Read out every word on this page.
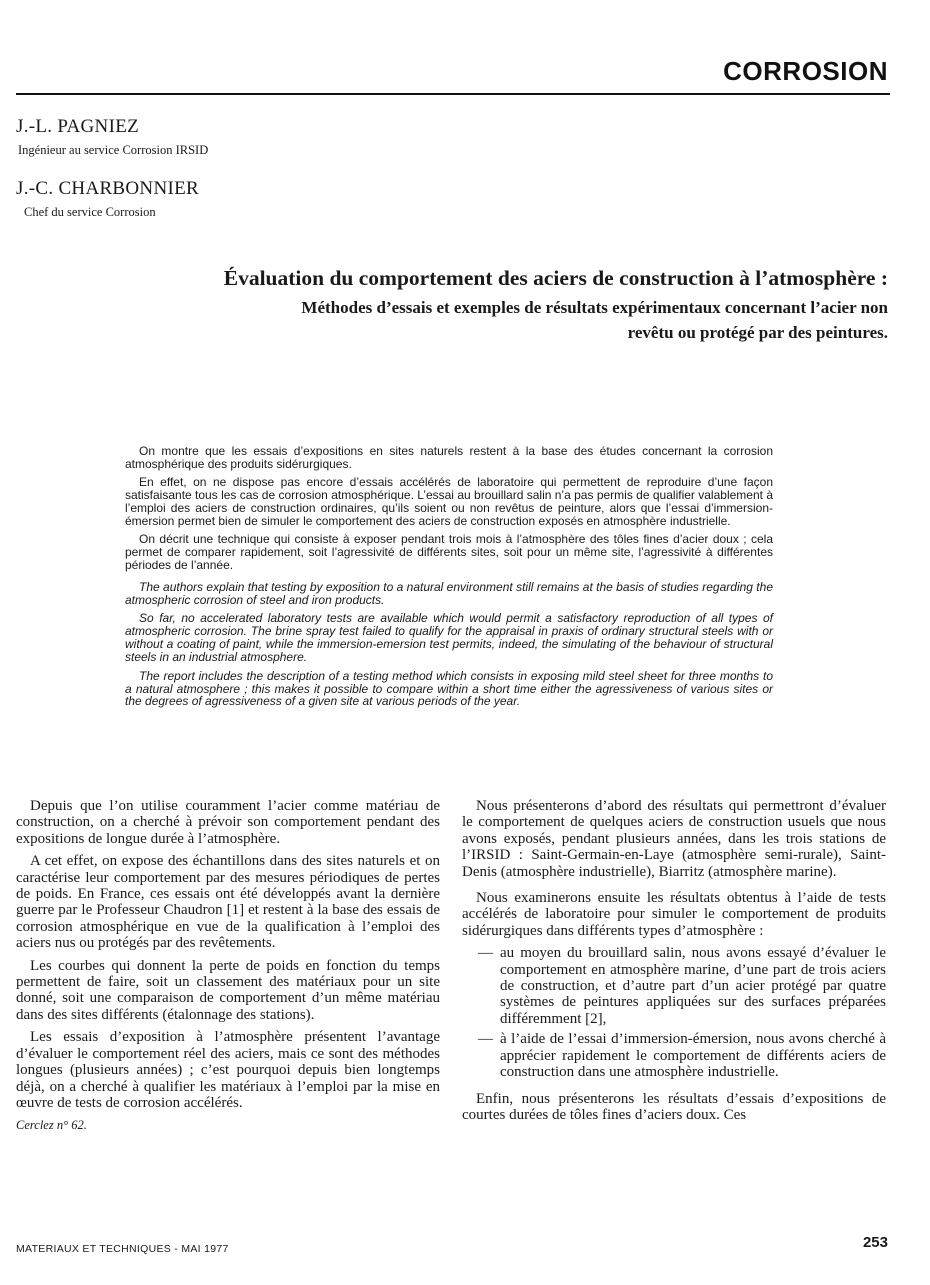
CORROSION
J.-L. PAGNIEZ
Ingénieur au service Corrosion IRSID
J.-C. CHARBONNIER
Chef du service Corrosion
Évaluation du comportement des aciers de construction à l’atmosphère :
Méthodes d’essais et exemples de résultats expérimentaux concernant l’acier non revêtu ou protégé par des peintures.

On montre que les essais d’expositions en sites naturels restent à la base des études concernant la corrosion atmosphérique des produits sidérurgiques.

En effet, on ne dispose pas encore d’essais accélérés de laboratoire qui permettent de reproduire d’une façon satisfaisante tous les cas de corrosion atmosphérique. L’essai au brouillard salin n’a pas permis de qualifier valablement à l’emploi des aciers de construction ordinaires, qu’ils soient ou non revêtus de peinture, alors que l’essai d’immersion-émersion permet bien de simuler le comportement des aciers de construction exposés en atmosphère industrielle.

On décrit une technique qui consiste à exposer pendant trois mois à l’atmosphère des tôles fines d’acier doux ; cela permet de comparer rapidement, soit l’agressivité de différents sites, soit pour un même site, l’agressivité à différentes périodes de l’année.

The authors explain that testing by exposition to a natural environment still remains at the basis of studies regarding the atmospheric corrosion of steel and iron products.

So far, no accelerated laboratory tests are available which would permit a satisfactory reproduction of all types of atmospheric corrosion. The brine spray test failed to qualify for the appraisal in praxis of ordinary structural steels with or without a coating of paint, while the immersion-emersion test permits, indeed, the simulating of the behaviour of structural steels in an industrial atmosphere.

The report includes the description of a testing method which consists in exposing mild steel sheet for three months to a natural atmosphere ; this makes it possible to compare within a short time either the agressiveness of various sites or the degrees of agressiveness of a given site at various periods of the year.

Depuis que l’on utilise couramment l’acier comme matériau de construction, on a cherché à prévoir son comportement pendant des expositions de longue durée à l’atmosphère.

A cet effet, on expose des échantillons dans des sites naturels et on caractérise leur comportement par des mesures périodiques de pertes de poids. En France, ces essais ont été développés avant la dernière guerre par le Professeur Chaudron [1] et restent à la base des essais de corrosion atmosphérique en vue de la qualification à l’emploi des aciers nus ou protégés par des revêtements.

Les courbes qui donnent la perte de poids en fonction du temps permettent de faire, soit un classement des matériaux pour un site donné, soit une comparaison de comportement d’un même matériau dans des sites différents (étalonnage des stations).

Les essais d’exposition à l’atmosphère présentent l’avantage d’évaluer le comportement réel des aciers, mais ce sont des méthodes longues (plusieurs années) ; c’est pourquoi depuis bien longtemps déjà, on a cherché à qualifier les matériaux à l’emploi par la mise en œuvre de tests de corrosion accélérés.

Cerclez n° 62.

Nous présenterons d’abord des résultats qui permettront d’évaluer le comportement de quelques aciers de construction usuels que nous avons exposés, pendant plusieurs années, dans les trois stations de l’IRSID : Saint-Germain-en-Laye (atmosphère semi-rurale), Saint-Denis (atmosphère industrielle), Biarritz (atmosphère marine).

Nous examinerons ensuite les résultats obtentus à l’aide de tests accélérés de laboratoire pour simuler le comportement de produits sidérurgiques dans différents types d’atmosphère :

— au moyen du brouillard salin, nous avons essayé d’évaluer le comportement en atmosphère marine, d’une part de trois aciers de construction, et d’autre part d’un acier protégé par quatre systèmes de peintures appliquées sur des surfaces préparées différemment [2],
— à l’aide de l’essai d’immersion-émersion, nous avons cherché à apprécier rapidement le comportement de différents aciers de construction dans une atmosphère industrielle.

Enfin, nous présenterons les résultats d’essais d’expositions de courtes durées de tôles fines d’aciers doux. Ces

MATERIAUX ET TECHNIQUES - MAI 1977	253
